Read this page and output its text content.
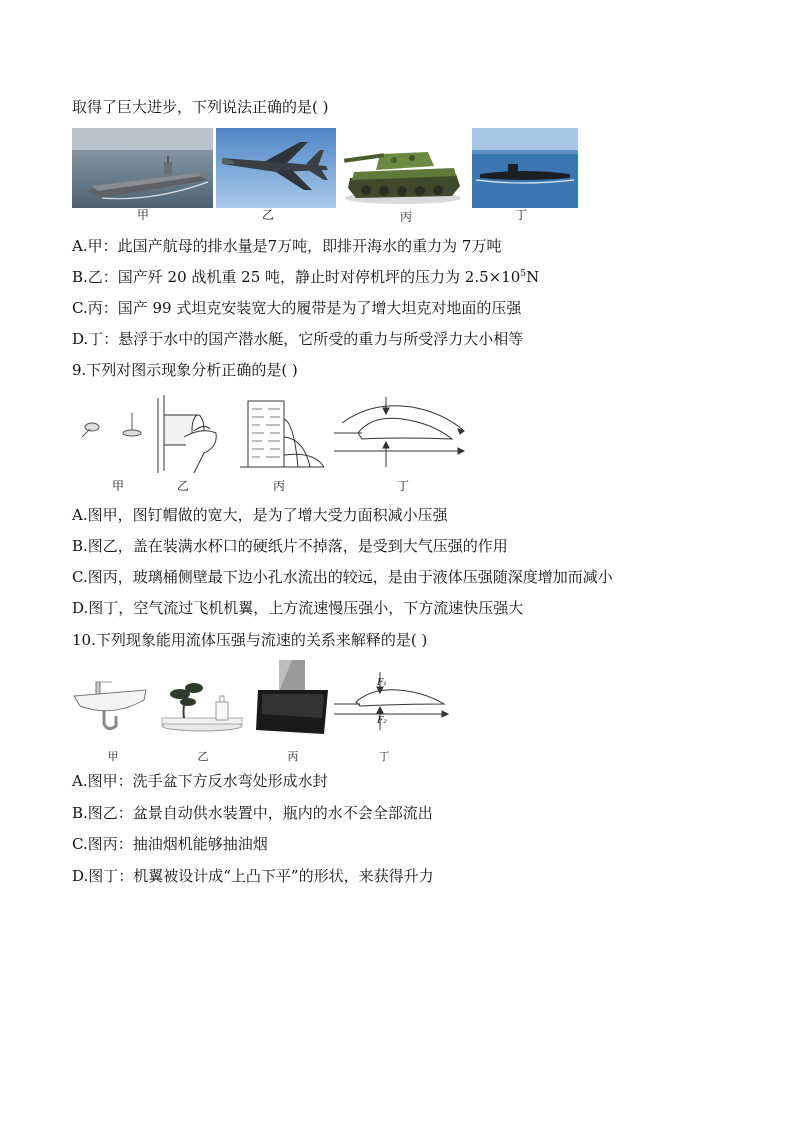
取得了巨大进步，下列说法正确的是( )
甲	乙	丙	丁
A.甲：此国产航母的排水量是7万吨，即排开海水的重力为 7万吨
B.乙：国产歼 20 战机重 25 吨，静止时对停机坪的压力为 $2.5\times 10^5N$
C.丙：国产 99 式坦克安装宽大的履带是为了增大坦克对地面的压强
D.丁：悬浮于水中的国产潜水艇，它所受的重力与所受浮力大小相等
9.下列对图示现象分析正确的是( )
甲	乙	丙	丁
A.图甲，图钉帽做的宽大，是为了增大受力面积减小压强
B.图乙，盖在装满水杯口的硬纸片不掉落，是受到大气压强的作用
C.图丙，玻璃桶侧壁最下边小孔水流出的较远，是由于液体压强随深度增加而减小
D.图丁，空气流过飞机机翼，上方流速慢压强小，下方流速快压强大
10.下列现象能用流体压强与流速的关系来解释的是( )
F₁
F₂
甲	乙	丙	丁
A.图甲：洗手盆下方反水弯处形成水封
B.图乙：盆景自动供水装置中，瓶内的水不会全部流出
C.图丙：抽油烟机能够抽油烟
D.图丁：机翼被设计成“上凸下平”的形状，来获得升力
